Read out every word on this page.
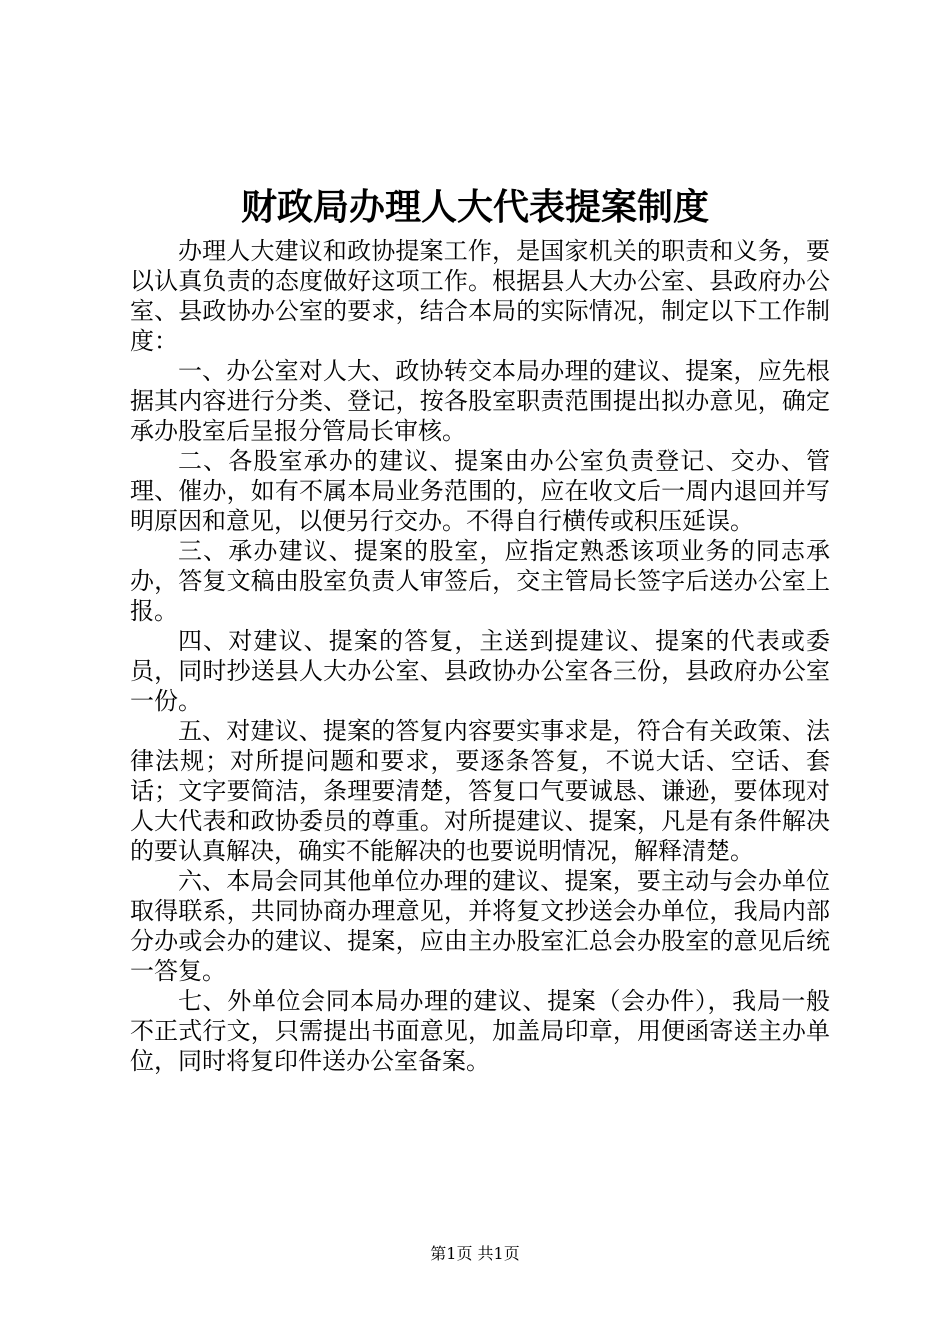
财政局办理人大代表提案制度

办理人大建议和政协提案工作，是国家机关的职责和义务，要以认真负责的态度做好这项工作。根据县人大办公室、县政府办公室、县政协办公室的要求，结合本局的实际情况，制定以下工作制度：

一、办公室对人大、政协转交本局办理的建议、提案，应先根据其内容进行分类、登记，按各股室职责范围提出拟办意见，确定承办股室后呈报分管局长审核。

二、各股室承办的建议、提案由办公室负责登记、交办、管理、催办，如有不属本局业务范围的，应在收文后一周内退回并写明原因和意见，以便另行交办。不得自行横传或积压延误。

三、承办建议、提案的股室，应指定熟悉该项业务的同志承办，答复文稿由股室负责人审签后，交主管局长签字后送办公室上报。

四、对建议、提案的答复，主送到提建议、提案的代表或委员，同时抄送县人大办公室、县政协办公室各三份，县政府办公室一份。

五、对建议、提案的答复内容要实事求是，符合有关政策、法律法规；对所提问题和要求，要逐条答复，不说大话、空话、套话；文字要简洁，条理要清楚，答复口气要诚恳、谦逊，要体现对人大代表和政协委员的尊重。对所提建议、提案，凡是有条件解决的要认真解决，确实不能解决的也要说明情况，解释清楚。

六、本局会同其他单位办理的建议、提案，要主动与会办单位取得联系，共同协商办理意见，并将复文抄送会办单位，我局内部分办或会办的建议、提案，应由主办股室汇总会办股室的意见后统一答复。

七、外单位会同本局办理的建议、提案（会办件），我局一般不正式行文，只需提出书面意见，加盖局印章，用便函寄送主办单位，同时将复印件送办公室备案。

第1页 共1页
